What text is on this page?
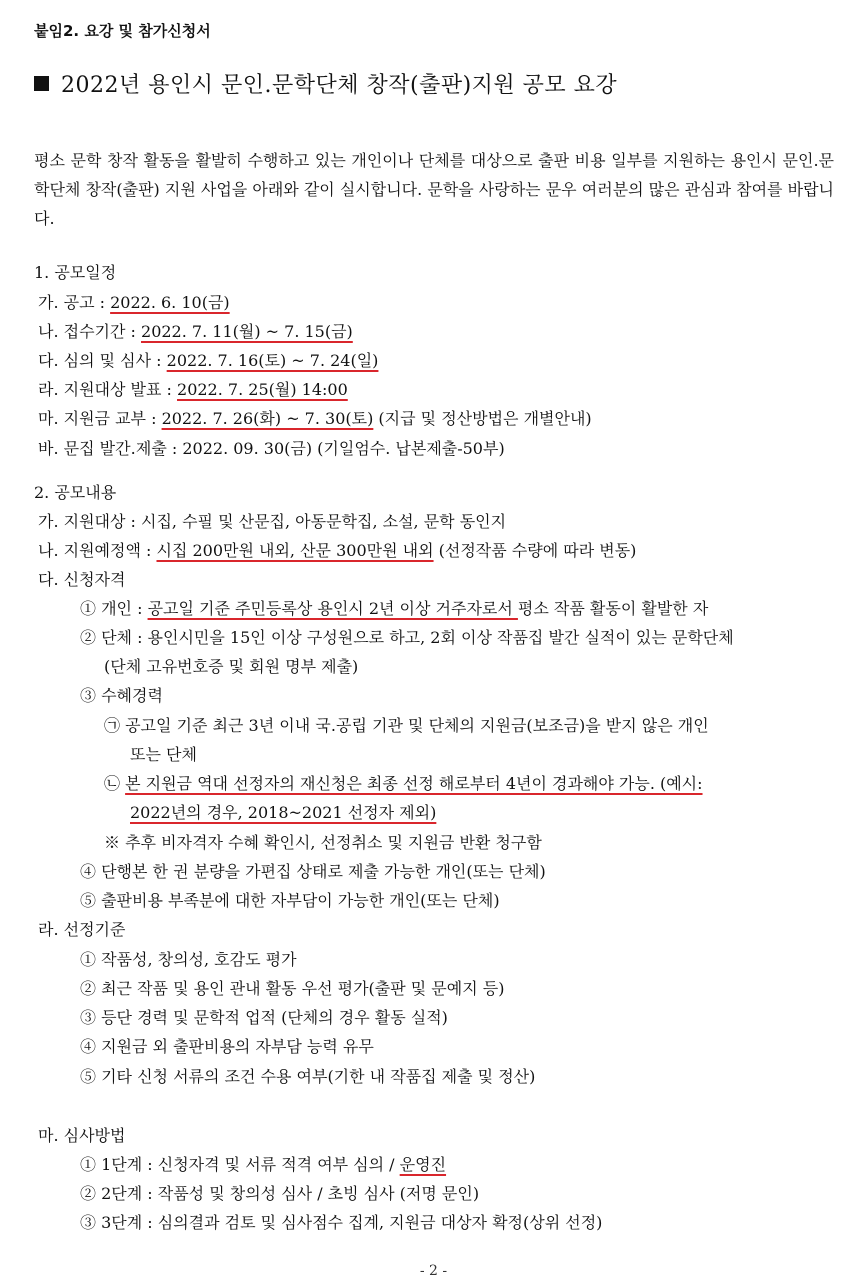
붙임2. 요강 및 참가신청서
2022년 용인시 문인.문학단체 창작(출판)지원 공모 요강
평소 문학 창작 활동을 활발히 수행하고 있는 개인이나 단체를 대상으로 출판 비용 일부를 지원하는 용인시 문인.문학단체 창작(출판) 지원 사업을 아래와 같이 실시합니다. 문학을 사랑하는 문우 여러분의 많은 관심과 참여를 바랍니다.
1. 공모일정
가. 공고 : 2022. 6. 10(금)
나. 접수기간 : 2022. 7. 11(월) ~ 7. 15(금)
다. 심의 및 심사 : 2022. 7. 16(토) ~ 7. 24(일)
라. 지원대상 발표 : 2022. 7. 25(월) 14:00
마. 지원금 교부 : 2022. 7. 26(화) ~ 7. 30(토) (지급 및 정산방법은 개별안내)
바. 문집 발간․제출 : 2022. 09. 30(금) (기일엄수. 납본제출-50부)
2. 공모내용
가. 지원대상 : 시집, 수필 및 산문집, 아동문학집, 소설, 문학 동인지
나. 지원예정액 : 시집 200만원 내외, 산문 300만원 내외 (선정작품 수량에 따라 변동)
다. 신청자격
① 개인 : 공고일 기준 주민등록상 용인시 2년 이상 거주자로서 평소 작품 활동이 활발한 자
② 단체 : 용인시민을 15인 이상 구성원으로 하고, 2회 이상 작품집 발간 실적이 있는 문학단체
(단체 고유번호증 및 회원 명부 제출)
③ 수혜경력
㉠ 공고일 기준 최근 3년 이내 국․공립 기관 및 단체의 지원금(보조금)을 받지 않은 개인
또는 단체
㉡ 본 지원금 역대 선정자의 재신청은 최종 선정 해로부터 4년이 경과해야 가능. (예시:
2022년의 경우, 2018~2021 선정자 제외)
※ 추후 비자격자 수혜 확인시, 선정취소 및 지원금 반환 청구함
④ 단행본 한 권 분량을 가편집 상태로 제출 가능한 개인(또는 단체)
⑤ 출판비용 부족분에 대한 자부담이 가능한 개인(또는 단체)
라. 선정기준
① 작품성, 창의성, 호감도 평가
② 최근 작품 및 용인 관내 활동 우선 평가(출판 및 문예지 등)
③ 등단 경력 및 문학적 업적 (단체의 경우 활동 실적)
④ 지원금 외 출판비용의 자부담 능력 유무
⑤ 기타 신청 서류의 조건 수용 여부(기한 내 작품집 제출 및 정산)
마. 심사방법
① 1단계 : 신청자격 및 서류 적격 여부 심의 / 운영진
② 2단계 : 작품성 및 창의성 심사 / 초빙 심사 (저명 문인)
③ 3단계 : 심의결과 검토 및 심사점수 집계, 지원금 대상자 확정(상위 선정)
- 2 -
